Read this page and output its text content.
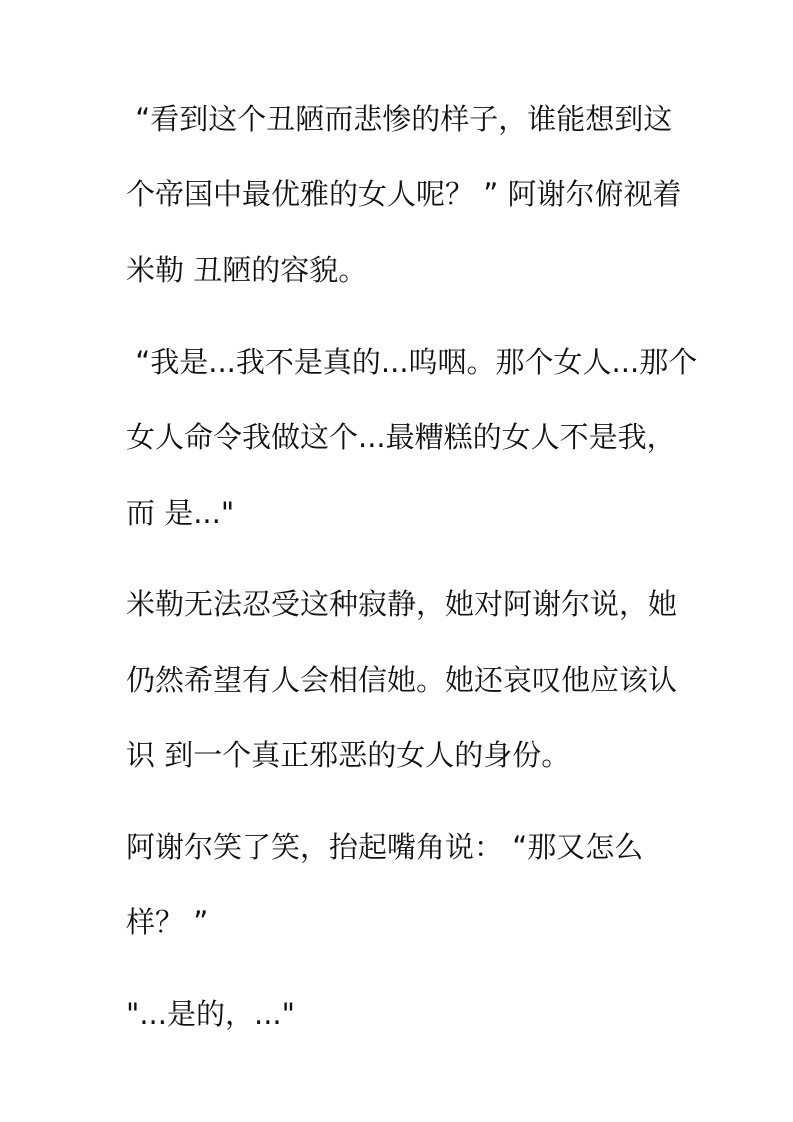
“看到这个丑陋而悲惨的样子，谁能想到这
个帝国中最优雅的女人呢？ ” 阿谢尔俯视着
米勒 丑陋的容貌。
“我是...我不是真的...呜咽。那个女人...那个
女人命令我做这个...最糟糕的女人不是我，
而 是..."
米勒无法忍受这种寂静，她对阿谢尔说，她
仍然希望有人会相信她。她还哀叹他应该认
识 到一个真正邪恶的女人的身份。
阿谢尔笑了笑，抬起嘴角说： “那又怎么
样？ ”
"...是的，..."
